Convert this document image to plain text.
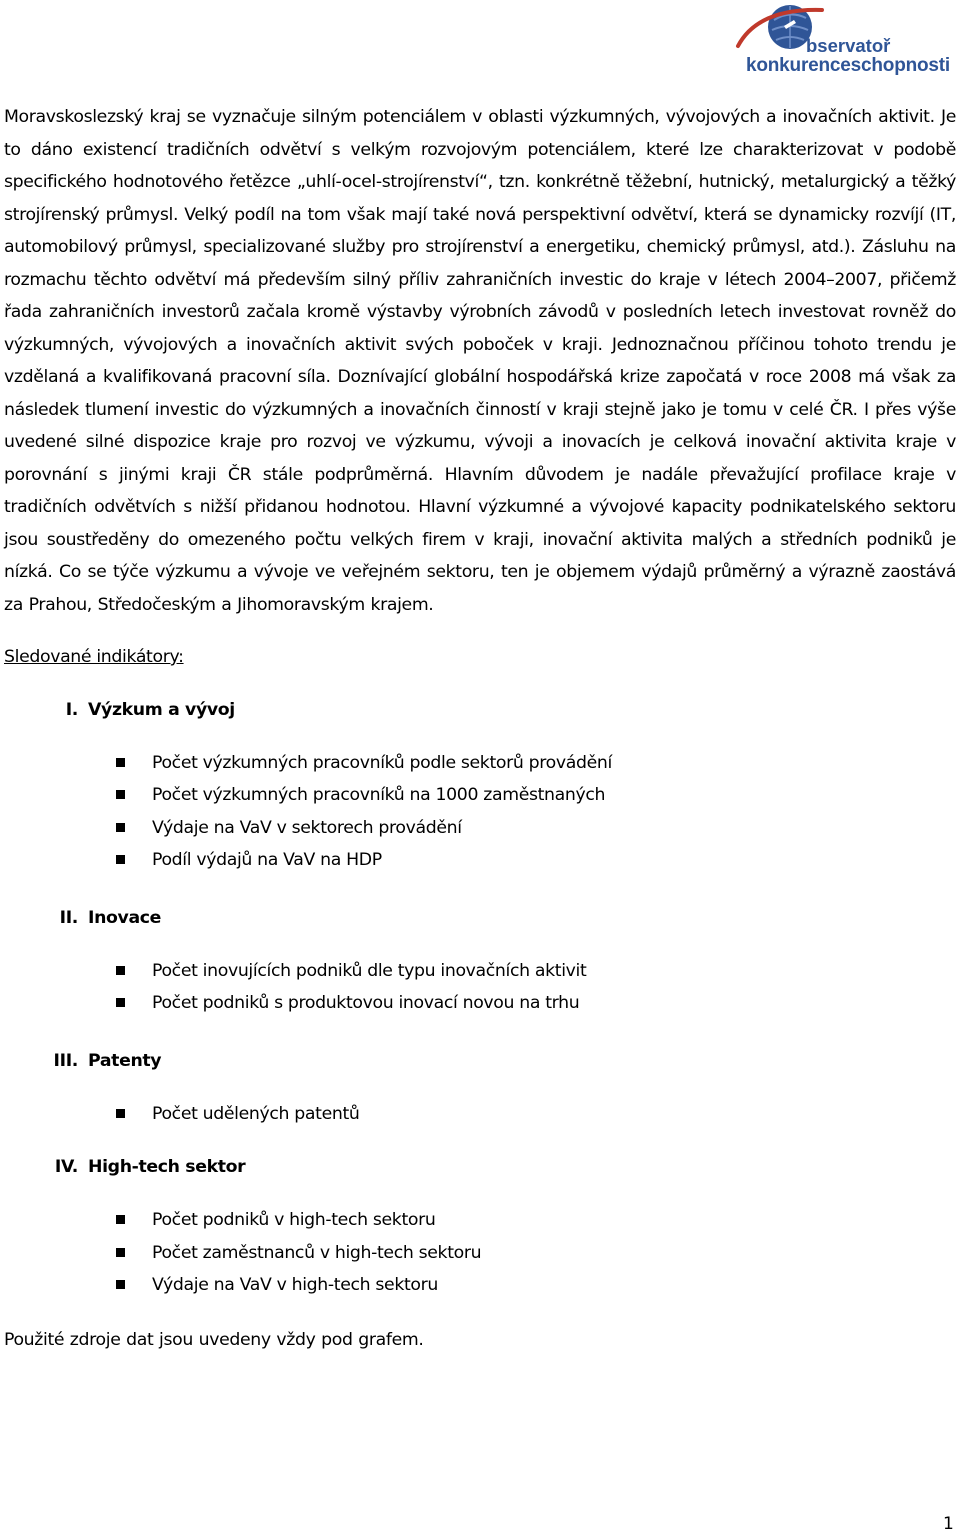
bservatoř
konkurenceschopnosti

Moravskoslezský kraj se vyznačuje silným potenciálem v oblasti výzkumných, vývojových a inovačních aktivit. Je to dáno existencí tradičních odvětví s velkým rozvojovým potenciálem, které lze charakterizovat v podobě specifického hodnotového řetězce „uhlí-ocel-strojírenství“, tzn. konkrétně těžební, hutnický, metalurgický a těžký strojírenský průmysl. Velký podíl na tom však mají také nová perspektivní odvětví, která se dynamicky rozvíjí (IT, automobilový průmysl, specializované služby pro strojírenství a energetiku, chemický průmysl, atd.). Zásluhu na rozmachu těchto odvětví má především silný příliv zahraničních investic do kraje v létech 2004–2007, přičemž řada zahraničních investorů začala kromě výstavby výrobních závodů v posledních letech investovat rovněž do výzkumných, vývojových a inovačních aktivit svých poboček v kraji. Jednoznačnou příčinou tohoto trendu je vzdělaná a kvalifikovaná pracovní síla. Doznívající globální hospodářská krize započatá v roce 2008 má však za následek tlumení investic do výzkumných a inovačních činností v kraji stejně jako je tomu v celé ČR. I přes výše uvedené silné dispozice kraje pro rozvoj ve výzkumu, vývoji a inovacích je celková inovační aktivita kraje v porovnání s jinými kraji ČR stále podprůměrná. Hlavním důvodem je nadále převažující profilace kraje v tradičních odvětvích s nižší přidanou hodnotou. Hlavní výzkumné a vývojové kapacity podnikatelského sektoru jsou soustředěny do omezeného počtu velkých firem v kraji, inovační aktivita malých a středních podniků je nízká. Co se týče výzkumu a vývoje ve veřejném sektoru, ten je objemem výdajů průměrný a výrazně zaostává za Prahou, Středočeským a Jihomoravským krajem.

Sledované indikátory:

I. Výzkum a vývoj
Počet výzkumných pracovníků podle sektorů provádění
Počet výzkumných pracovníků na 1000 zaměstnaných
Výdaje na VaV v sektorech provádění
Podíl výdajů na VaV na HDP
II. Inovace
Počet inovujících podniků dle typu inovačních aktivit
Počet podniků s produktovou inovací novou na trhu
III. Patenty
Počet udělených patentů
IV. High-tech sektor
Počet podniků v high-tech sektoru
Počet zaměstnanců v high-tech sektoru
Výdaje na VaV v high-tech sektoru

Použité zdroje dat jsou uvedeny vždy pod grafem.

1
